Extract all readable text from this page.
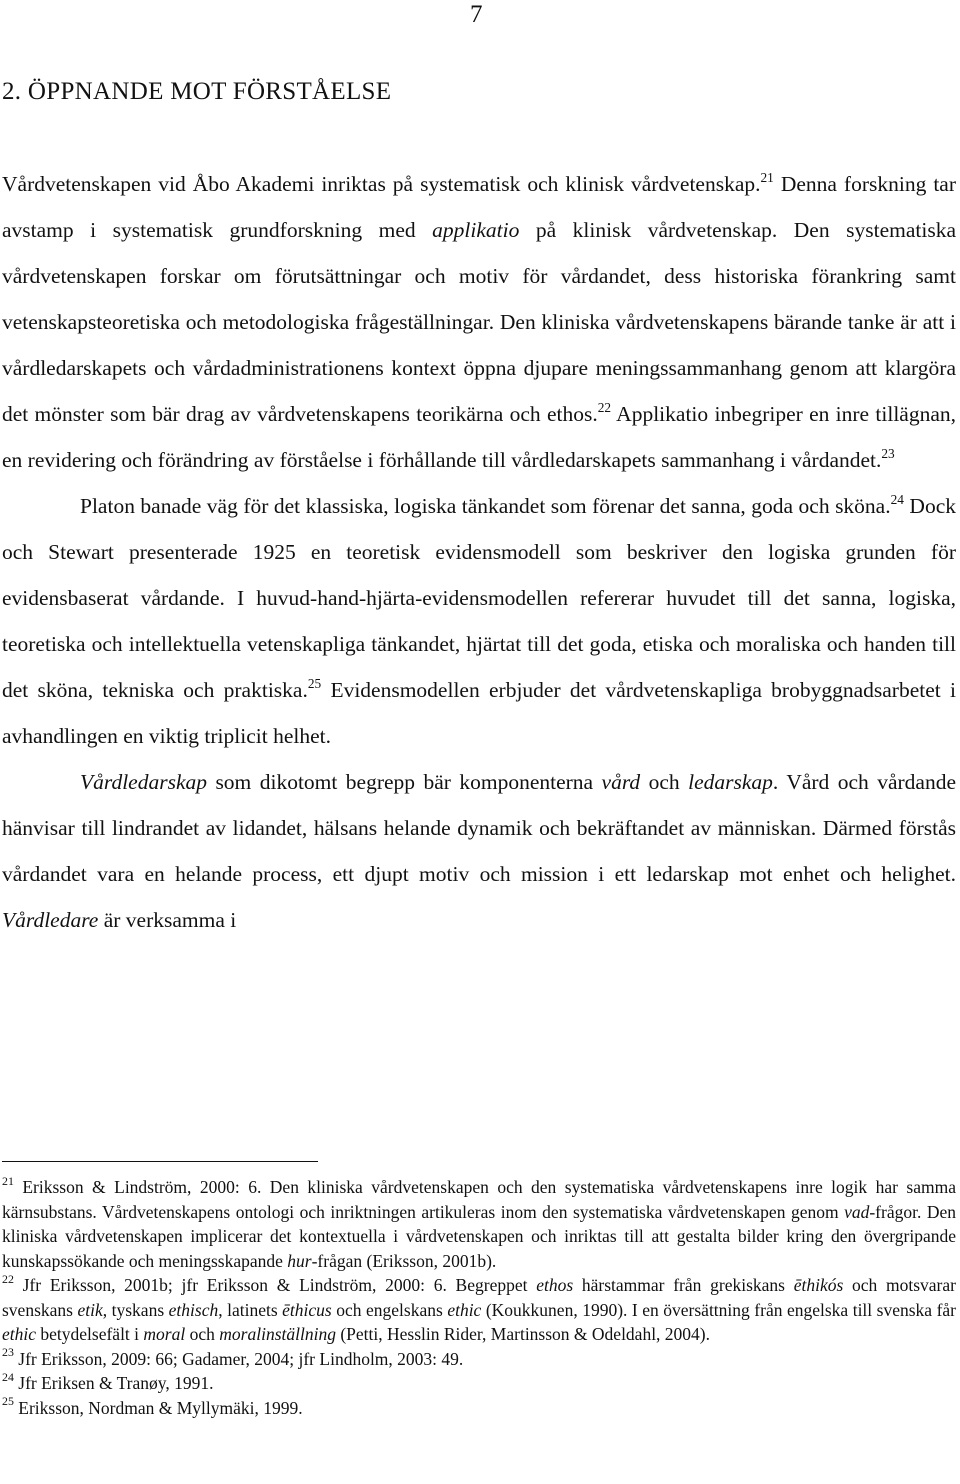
7
2. ÖPPNANDE MOT FÖRSTÅELSE

Vårdvetenskapen vid Åbo Akademi inriktas på systematisk och klinisk vårdvetenskap.$^{21}$ Denna forskning tar avstamp i systematisk grundforskning med applikatio på klinisk vårdvetenskap. Den systematiska vårdvetenskapen forskar om förutsättningar och motiv för vårdandet, dess historiska förankring samt vetenskapsteoretiska och metodologiska frågeställningar. Den kliniska vårdvetenskapens bärande tanke är att i vårdledarskapets och vårdadministrationens kontext öppna djupare meningssammanhang genom att klargöra det mönster som bär drag av vårdvetenskapens teorikärna och ethos.$^{22}$ Applikatio inbegriper en inre tillägnan, en revidering och förändring av förståelse i förhållande till vårdledarskapets sammanhang i vårdandet.$^{23}$

Platon banade väg för det klassiska, logiska tänkandet som förenar det sanna, goda och sköna.$^{24}$ Dock och Stewart presenterade 1925 en teoretisk evidensmodell som beskriver den logiska grunden för evidensbaserat vårdande. I huvud-hand-hjärta-evidensmodellen refererar huvudet till det sanna, logiska, teoretiska och intellektuella vetenskapliga tänkandet, hjärtat till det goda, etiska och moraliska och handen till det sköna, tekniska och praktiska.$^{25}$ Evidensmodellen erbjuder det vårdvetenskapliga brobyggnadsarbetet i avhandlingen en viktig triplicit helhet.

Vårdledarskap som dikotomt begrepp bär komponenterna vård och ledarskap. Vård och vårdande hänvisar till lindrandet av lidandet, hälsans helande dynamik och bekräftandet av människan. Därmed förstås vårdandet vara en helande process, ett djupt motiv och mission i ett ledarskap mot enhet och helighet. Vårdledare är verksamma i

$^{21}$ Eriksson & Lindström, 2000: 6. Den kliniska vårdvetenskapen och den systematiska vårdvetenskapens inre logik har samma kärnsubstans. Vårdvetenskapens ontologi och inriktningen artikuleras inom den systematiska vårdvetenskapen genom vad-frågor. Den kliniska vårdvetenskapen implicerar det kontextuella i vårdvetenskapen och inriktas till att gestalta bilder kring den övergripande kunskapssökande och meningsskapande hur-frågan (Eriksson, 2001b).

$^{22}$ Jfr Eriksson, 2001b; jfr Eriksson & Lindström, 2000: 6. Begreppet ethos härstammar från grekiskans ēthikós och motsvarar svenskans etik, tyskans ethisch, latinets ēthicus och engelskans ethic (Koukkunen, 1990). I en översättning från engelska till svenska får ethic betydelsefält i moral och moralinställning (Petti, Hesslin Rider, Martinsson & Odeldahl, 2004).

$^{23}$ Jfr Eriksson, 2009: 66; Gadamer, 2004; jfr Lindholm, 2003: 49.

$^{24}$ Jfr Eriksen & Tranøy, 1991.

$^{25}$ Eriksson, Nordman & Myllymäki, 1999.
